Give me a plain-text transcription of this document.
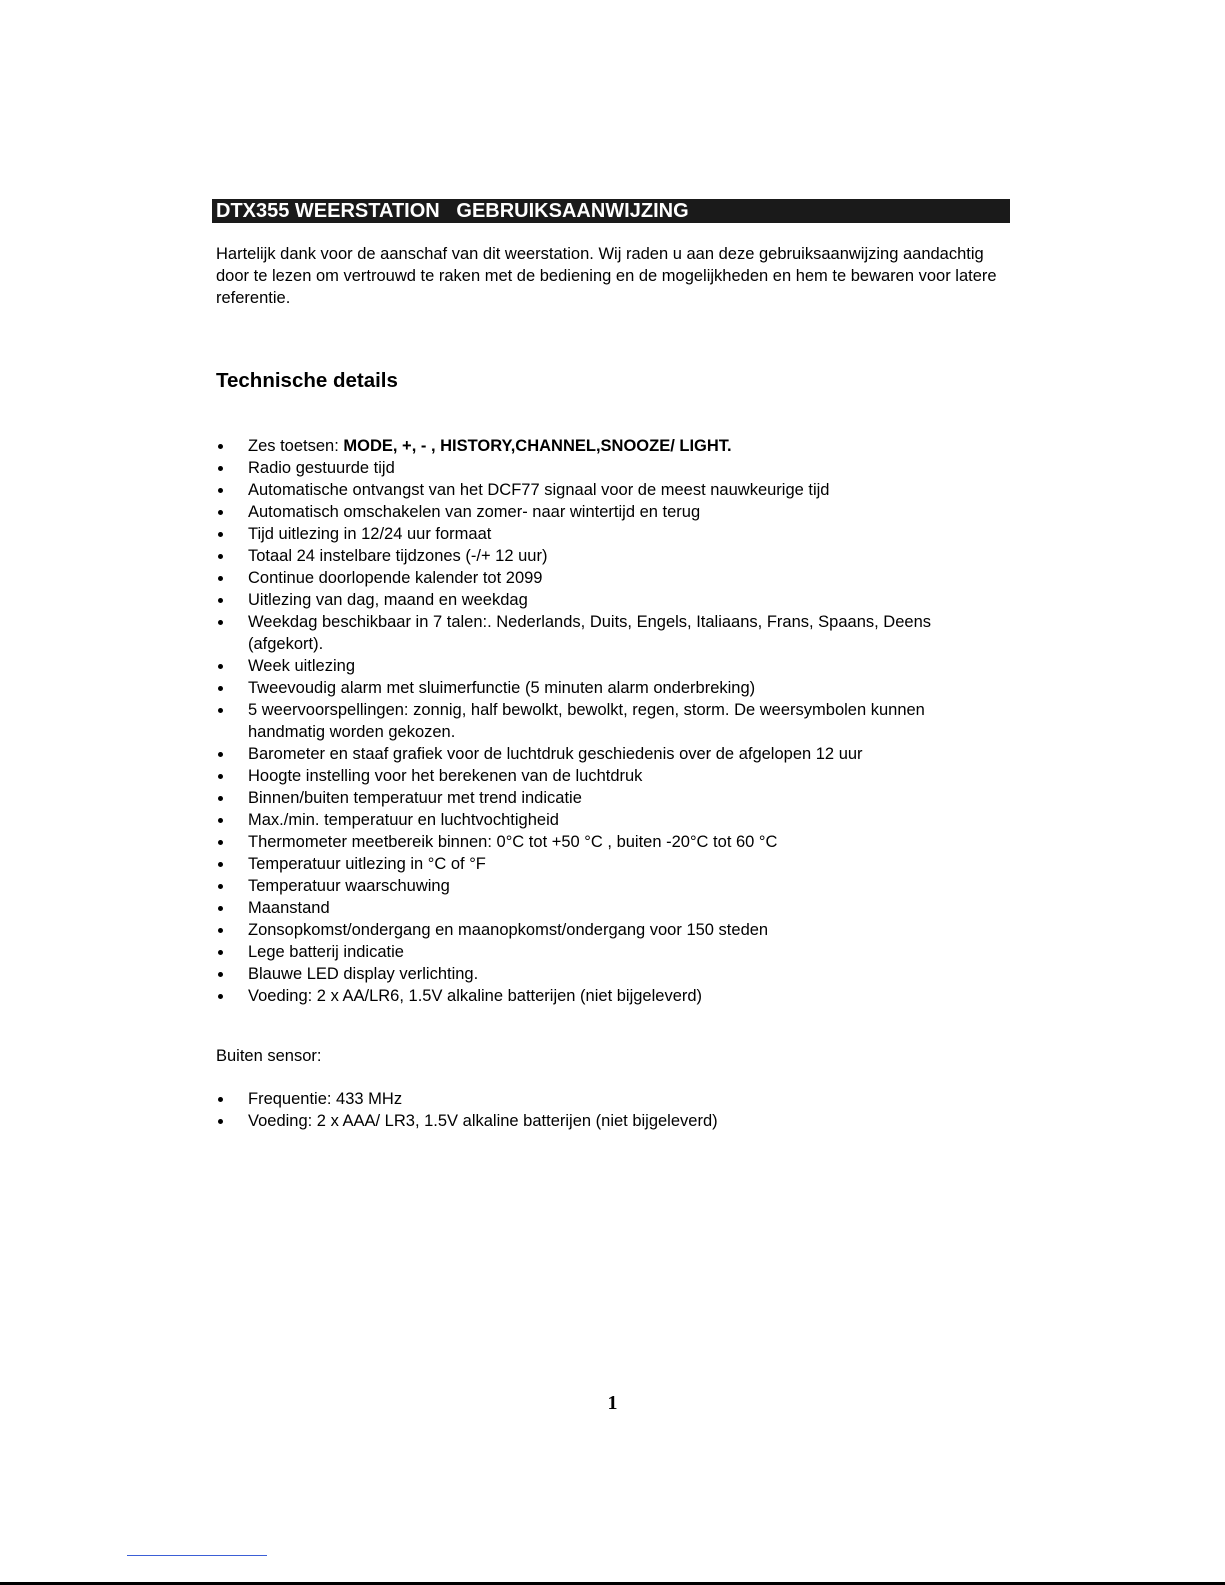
DTX355 WEERSTATION   GEBRUIKSAANWIJZING

Hartelijk dank voor de aanschaf van dit weerstation. Wij raden u aan deze gebruiksaanwijzing aandachtig door te lezen om vertrouwd te raken met de bediening en de mogelijkheden en hem te bewaren voor latere referentie.

Technische details
Zes toetsen: MODE, +, - , HISTORY,CHANNEL,SNOOZE/ LIGHT.
Radio gestuurde tijd
Automatische ontvangst van het DCF77 signaal voor de meest nauwkeurige tijd
Automatisch omschakelen van zomer- naar wintertijd en terug
Tijd uitlezing in 12/24 uur formaat
Totaal 24 instelbare tijdzones (-/+ 12 uur)
Continue doorlopende kalender tot 2099
Uitlezing van dag, maand en weekdag
Weekdag beschikbaar in 7 talen:. Nederlands, Duits, Engels, Italiaans, Frans, Spaans, Deens (afgekort).
Week uitlezing
Tweevoudig alarm met sluimerfunctie (5 minuten alarm onderbreking)
5 weervoorspellingen: zonnig, half bewolkt, bewolkt, regen, storm. De weersymbolen kunnen handmatig worden gekozen.
Barometer en staaf grafiek voor de luchtdruk geschiedenis over de afgelopen 12 uur
Hoogte instelling voor het berekenen van de luchtdruk
Binnen/buiten temperatuur met trend indicatie
Max./min. temperatuur en luchtvochtigheid
Thermometer meetbereik binnen: 0°C tot +50 °C , buiten -20°C tot 60 °C
Temperatuur uitlezing in °C of °F
Temperatuur waarschuwing
Maanstand
Zonsopkomst/ondergang en maanopkomst/ondergang voor 150 steden
Lege batterij indicatie
Blauwe LED display verlichting.
Voeding: 2 x AA/LR6, 1.5V alkaline batterijen (niet bijgeleverd)

Buiten sensor:

Frequentie: 433 MHz
Voeding: 2 x AAA/ LR3, 1.5V alkaline batterijen (niet bijgeleverd)
1
